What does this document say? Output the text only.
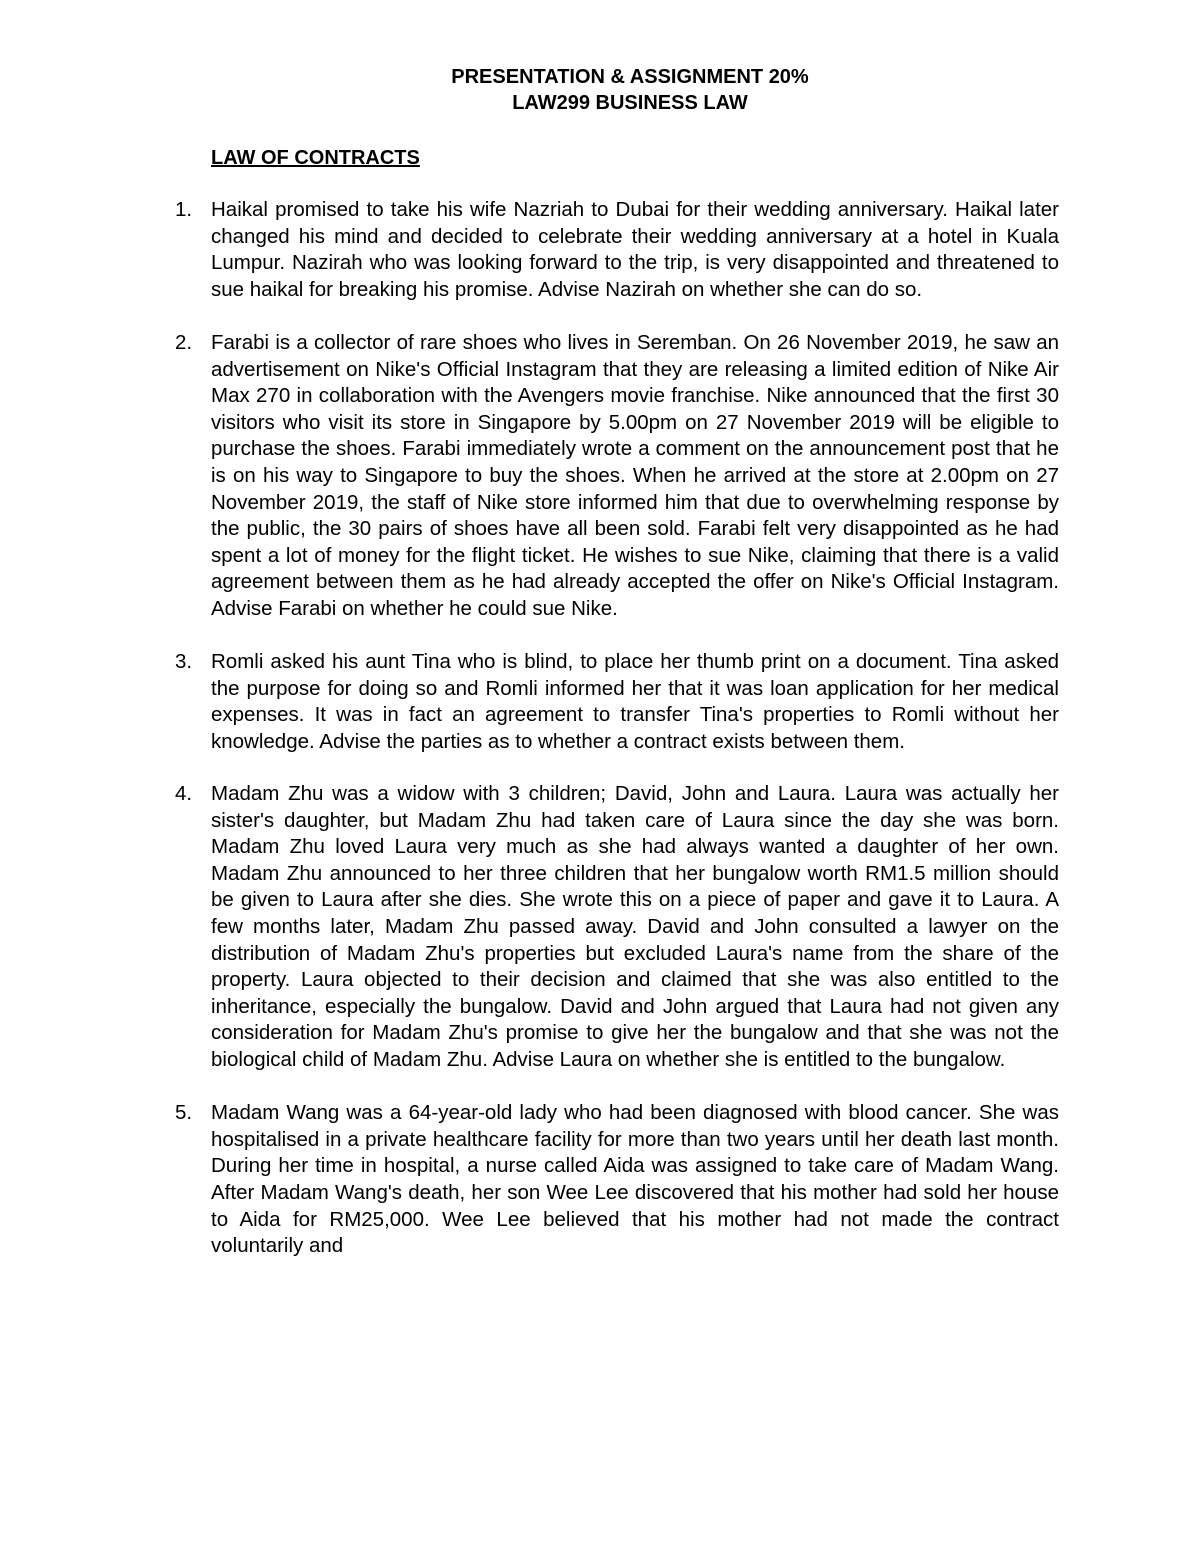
PRESENTATION & ASSIGNMENT 20%
LAW299 BUSINESS LAW
LAW OF CONTRACTS
1. Haikal promised to take his wife Nazriah to Dubai for their wedding anniversary. Haikal later changed his mind and decided to celebrate their wedding anniversary at a hotel in Kuala Lumpur. Nazirah who was looking forward to the trip, is very disappointed and threatened to sue haikal for breaking his promise. Advise Nazirah on whether she can do so.
2. Farabi is a collector of rare shoes who lives in Seremban. On 26 November 2019, he saw an advertisement on Nike's Official Instagram that they are releasing a limited edition of Nike Air Max 270 in collaboration with the Avengers movie franchise. Nike announced that the first 30 visitors who visit its store in Singapore by 5.00pm on 27 November 2019 will be eligible to purchase the shoes. Farabi immediately wrote a comment on the announcement post that he is on his way to Singapore to buy the shoes. When he arrived at the store at 2.00pm on 27 November 2019, the staff of Nike store informed him that due to overwhelming response by the public, the 30 pairs of shoes have all been sold. Farabi felt very disappointed as he had spent a lot of money for the flight ticket. He wishes to sue Nike, claiming that there is a valid agreement between them as he had already accepted the offer on Nike's Official Instagram. Advise Farabi on whether he could sue Nike.
3. Romli asked his aunt Tina who is blind, to place her thumb print on a document. Tina asked the purpose for doing so and Romli informed her that it was loan application for her medical expenses. It was in fact an agreement to transfer Tina's properties to Romli without her knowledge. Advise the parties as to whether a contract exists between them.
4. Madam Zhu was a widow with 3 children; David, John and Laura. Laura was actually her sister's daughter, but Madam Zhu had taken care of Laura since the day she was born. Madam Zhu loved Laura very much as she had always wanted a daughter of her own. Madam Zhu announced to her three children that her bungalow worth RM1.5 million should be given to Laura after she dies. She wrote this on a piece of paper and gave it to Laura. A few months later, Madam Zhu passed away. David and John consulted a lawyer on the distribution of Madam Zhu's properties but excluded Laura's name from the share of the property. Laura objected to their decision and claimed that she was also entitled to the inheritance, especially the bungalow. David and John argued that Laura had not given any consideration for Madam Zhu's promise to give her the bungalow and that she was not the biological child of Madam Zhu. Advise Laura on whether she is entitled to the bungalow.
5. Madam Wang was a 64-year-old lady who had been diagnosed with blood cancer. She was hospitalised in a private healthcare facility for more than two years until her death last month. During her time in hospital, a nurse called Aida was assigned to take care of Madam Wang. After Madam Wang's death, her son Wee Lee discovered that his mother had sold her house to Aida for RM25,000. Wee Lee believed that his mother had not made the contract voluntarily and
